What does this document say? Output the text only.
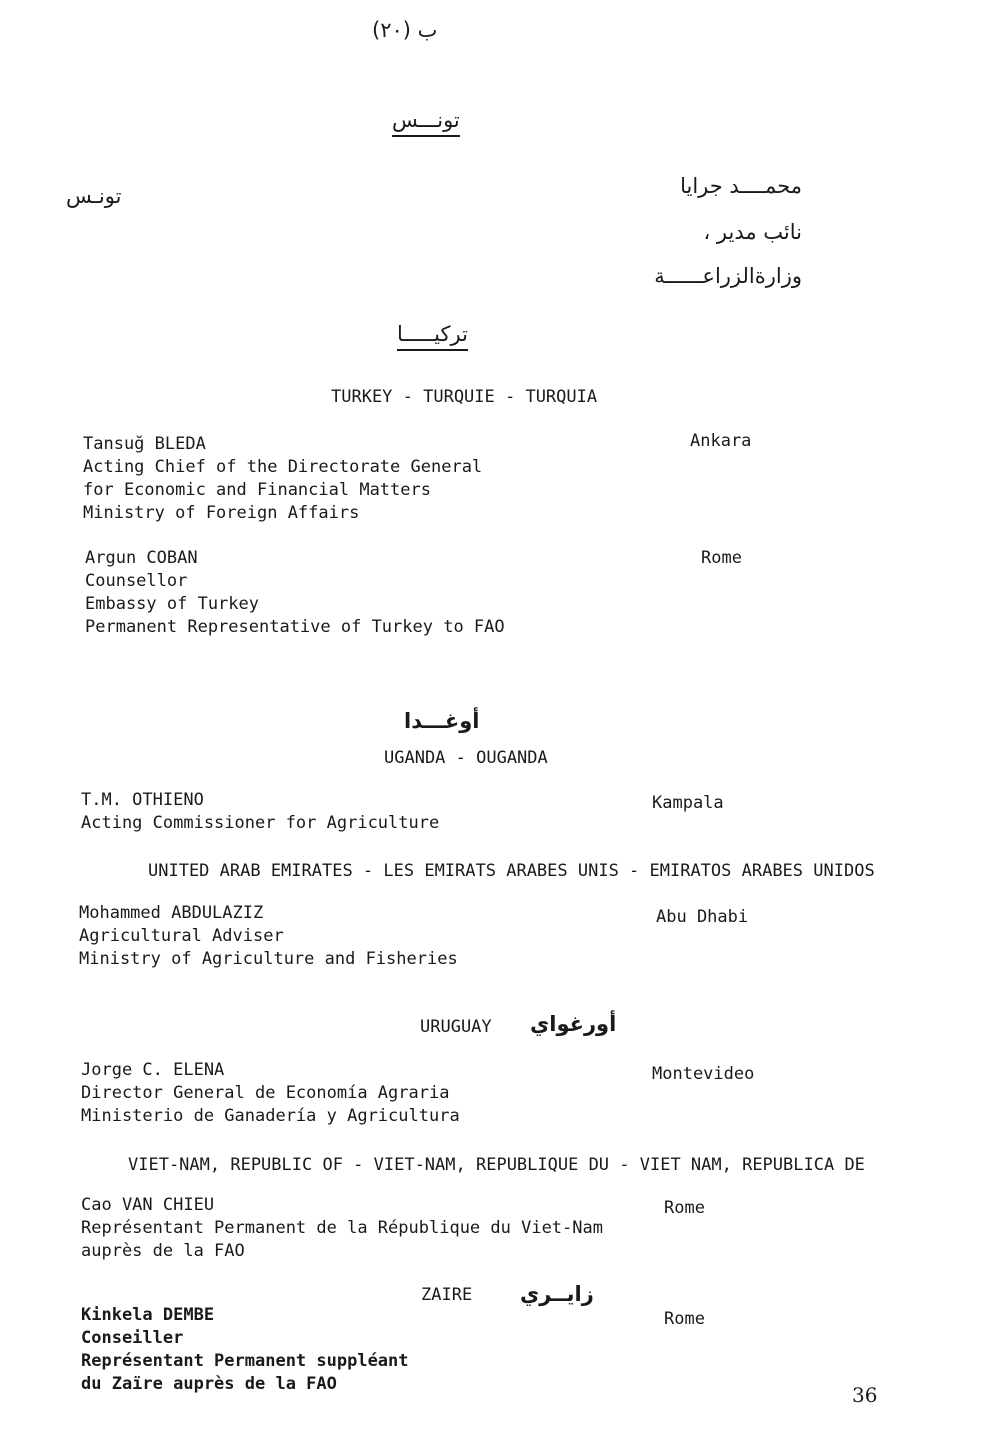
ب (٢٠)
تونـــس
تونـس	محمــــد جرايا
نائب مدير ،
وزارةالزراعــــــة
تركيـــــا
TURKEY - TURQUIE - TURQUIA
Tansuğ BLEDA
Acting Chief of the Directorate General
for Economic and Financial Matters
Ministry of Foreign Affairs
Ankara
Argun COBAN
Counsellor
Embassy of Turkey
Permanent Representative of Turkey to FAO
Rome
أوغـــدا
UGANDA - OUGANDA
T.M. OTHIENO
Acting Commissioner for Agriculture
Kampala
UNITED ARAB EMIRATES - LES EMIRATS ARABES UNIS - EMIRATOS ARABES UNIDOS
Mohammed ABDULAZIZ
Agricultural Adviser
Ministry of Agriculture and Fisheries
Abu Dhabi
URUGUAY أورغواي
Jorge C. ELENA
Director General de Economía Agraria
Ministerio de Ganadería y Agricultura
Montevideo
VIET-NAM, REPUBLIC OF - VIET-NAM, REPUBLIQUE DU - VIET NAM, REPUBLICA DE
Cao VAN CHIEU
Représentant Permanent de la République du Viet-Nam
auprès de la FAO
Rome
ZAIRE زايــري
Kinkela DEMBE
Conseiller
Représentant Permanent suppléant
du Zaïre auprès de la FAO
Rome
36
